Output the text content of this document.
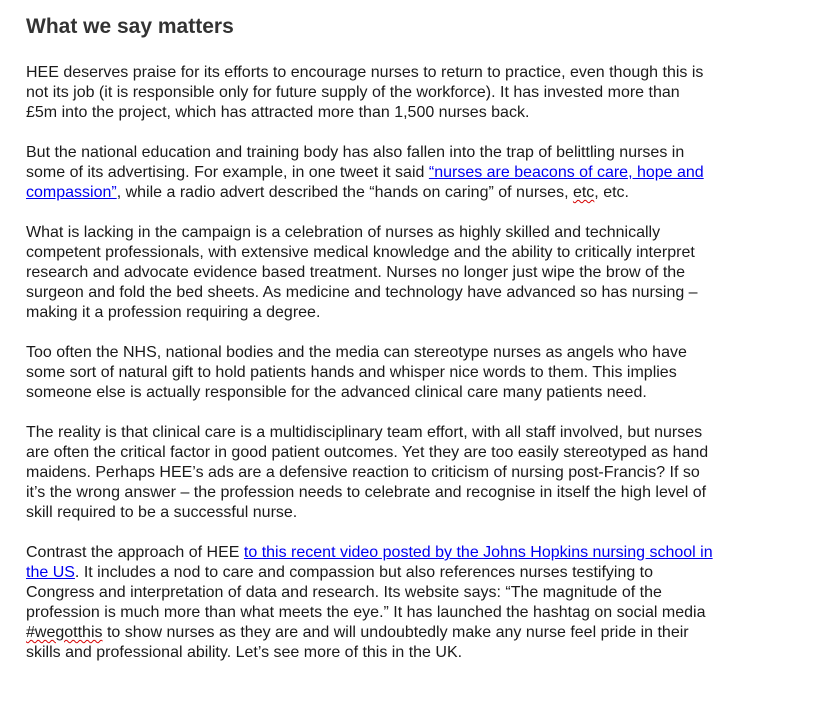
What we say matters
HEE deserves praise for its efforts to encourage nurses to return to practice, even though this is
not its job (it is responsible only for future supply of the workforce). It has invested more than
£5m into the project, which has attracted more than 1,500 nurses back.
But the national education and training body has also fallen into the trap of belittling nurses in
some of its advertising. For example, in one tweet it said “nurses are beacons of care, hope and
compassion”, while a radio advert described the “hands on caring” of nurses, etc, etc.
What is lacking in the campaign is a celebration of nurses as highly skilled and technically
competent professionals, with extensive medical knowledge and the ability to critically interpret
research and advocate evidence based treatment. Nurses no longer just wipe the brow of the
surgeon and fold the bed sheets. As medicine and technology have advanced so has nursing –
making it a profession requiring a degree.
Too often the NHS, national bodies and the media can stereotype nurses as angels who have
some sort of natural gift to hold patients hands and whisper nice words to them. This implies
someone else is actually responsible for the advanced clinical care many patients need.
The reality is that clinical care is a multidisciplinary team effort, with all staff involved, but nurses
are often the critical factor in good patient outcomes. Yet they are too easily stereotyped as hand
maidens. Perhaps HEE’s ads are a defensive reaction to criticism of nursing post-Francis? If so
it’s the wrong answer – the profession needs to celebrate and recognise in itself the high level of
skill required to be a successful nurse.
Contrast the approach of HEE to this recent video posted by the Johns Hopkins nursing school in
the US. It includes a nod to care and compassion but also references nurses testifying to
Congress and interpretation of data and research. Its website says: “The magnitude of the
profession is much more than what meets the eye.” It has launched the hashtag on social media
#wegotthis to show nurses as they are and will undoubtedly make any nurse feel pride in their
skills and professional ability. Let’s see more of this in the UK.
